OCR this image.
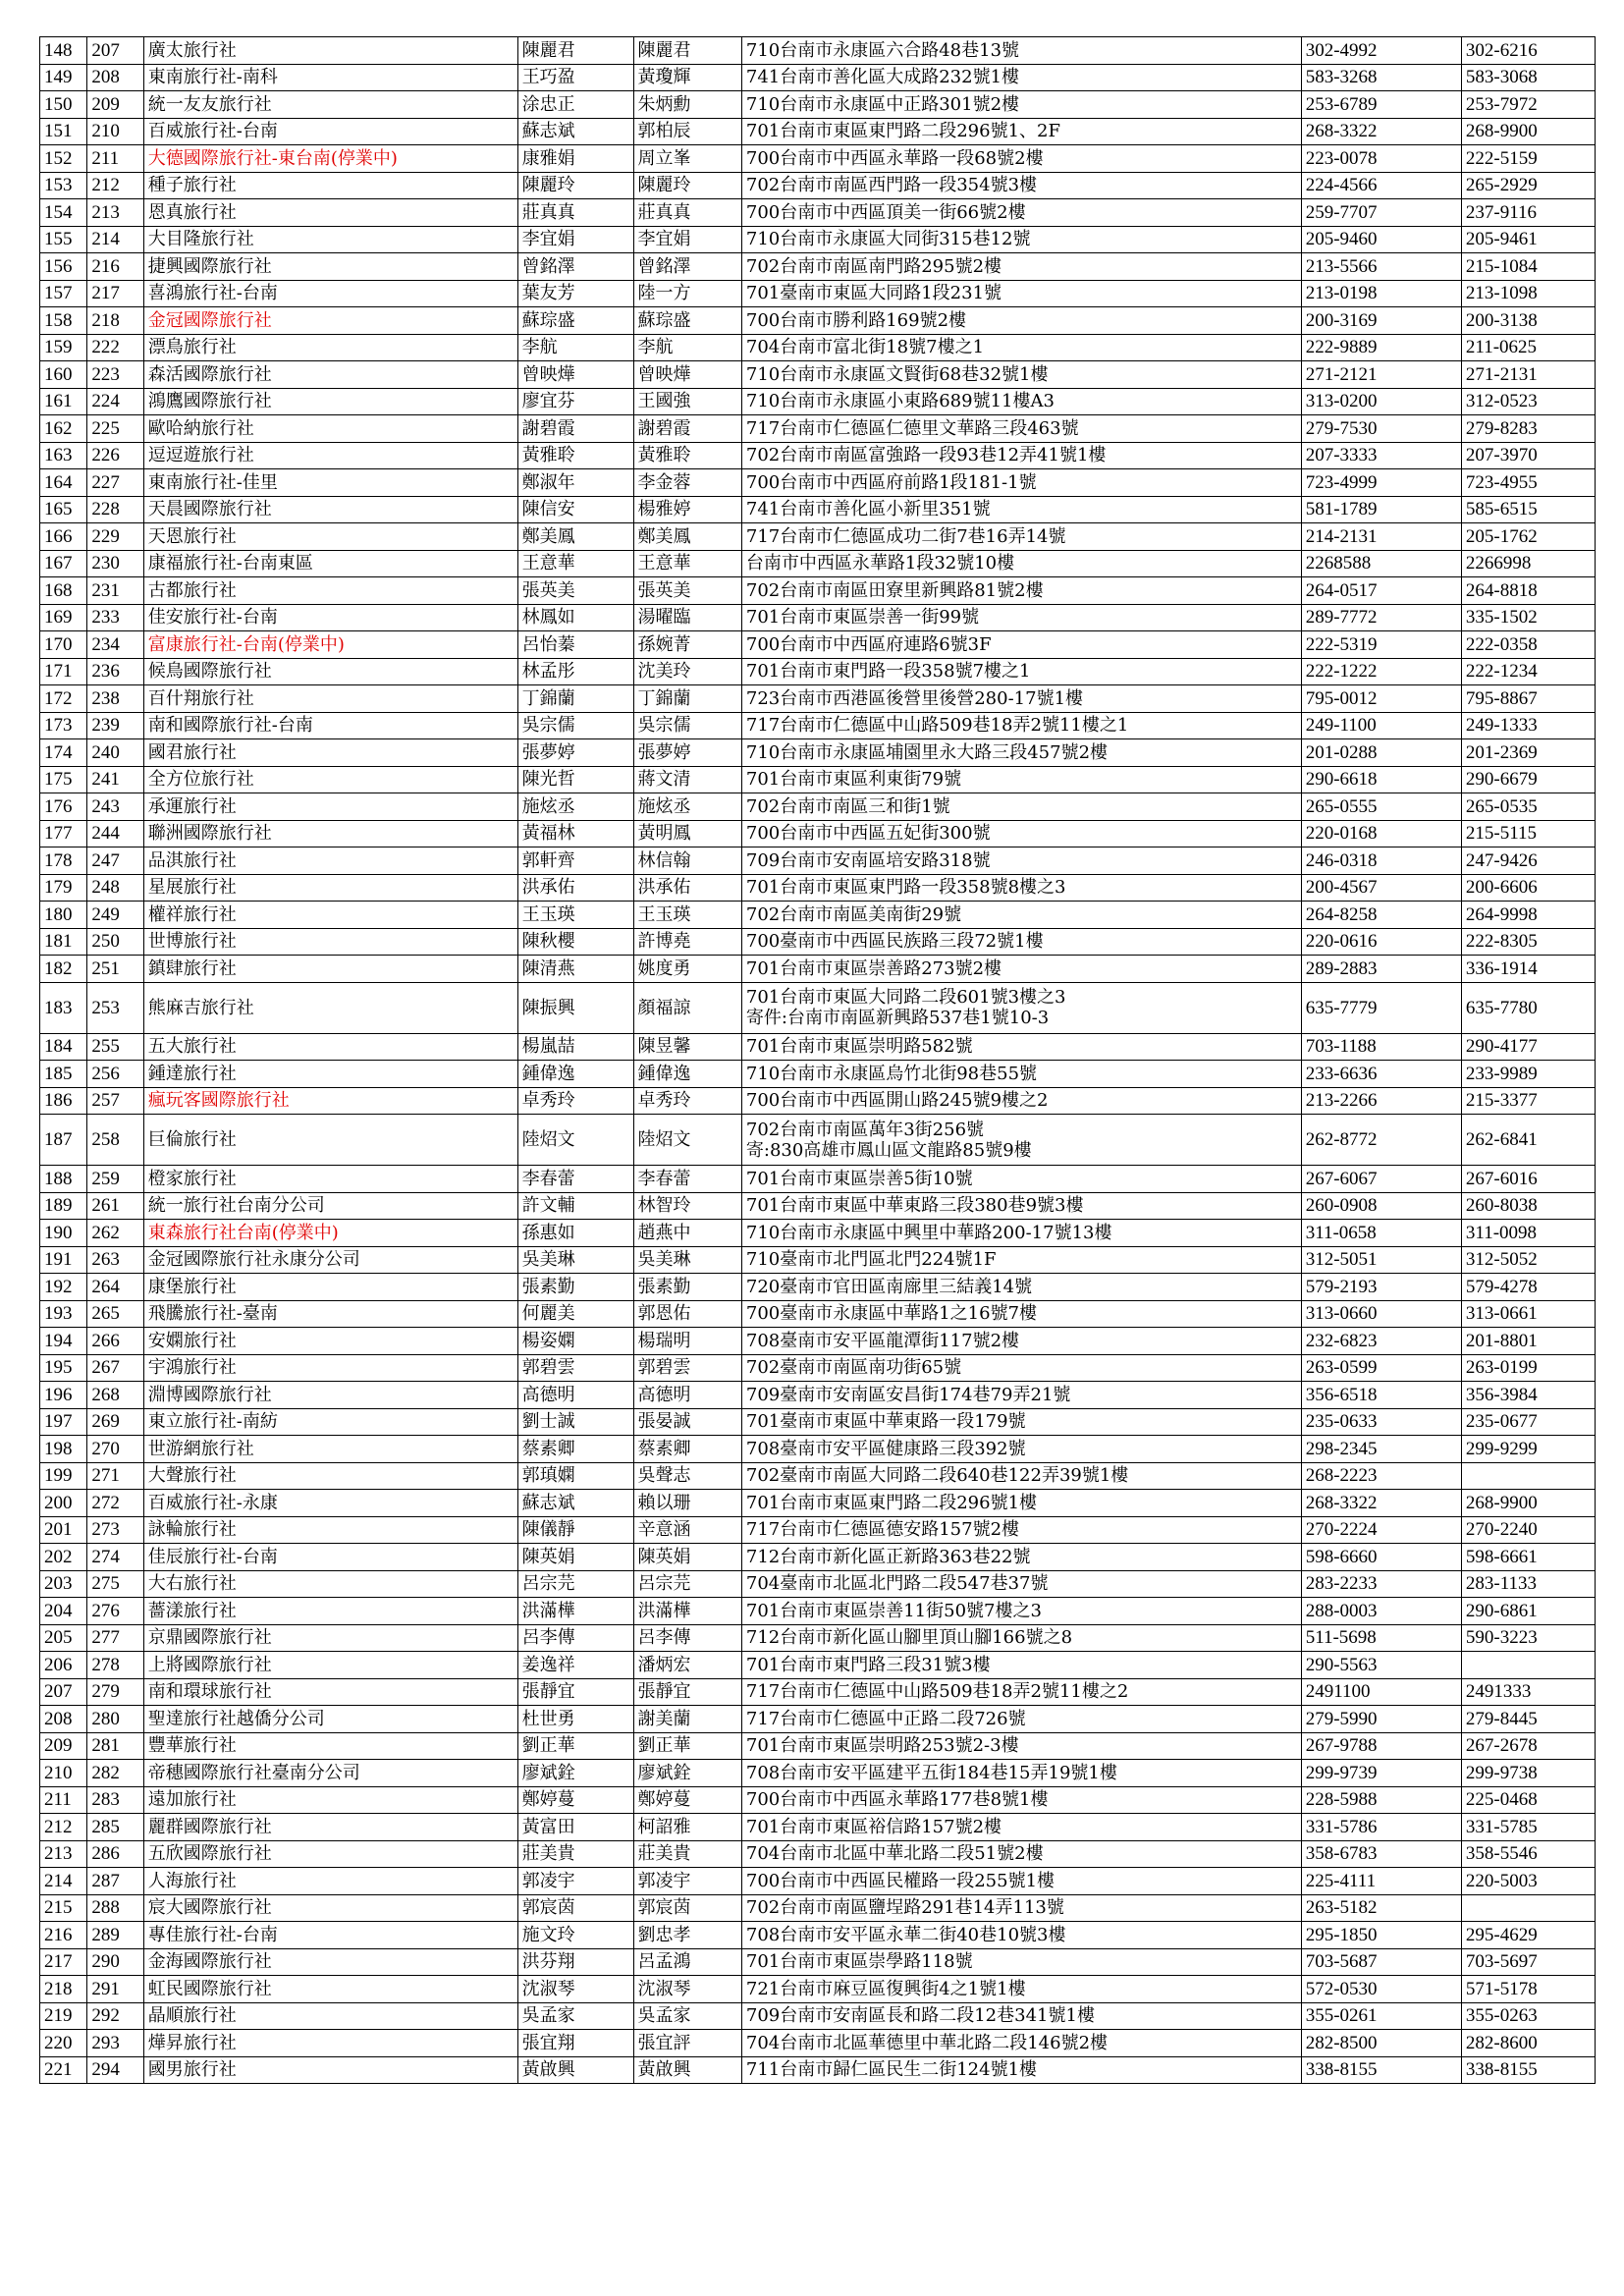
148	207	廣太旅行社	陳麗君	陳麗君	710台南市永康區六合路48巷13號	302-4992	302-6216
149	208	東南旅行社-南科	王巧盈	黃瓊輝	741台南市善化區大成路232號1樓	583-3268	583-3068
150	209	統一友友旅行社	涂忠正	朱炳勳	710台南市永康區中正路301號2樓	253-6789	253-7972
151	210	百威旅行社-台南	蘇志斌	郭柏辰	701台南市東區東門路二段296號1、2F	268-3322	268-9900
152	211	大德國際旅行社-東台南(停業中)	康雅娟	周立峯	700台南市中西區永華路一段68號2樓	223-0078	222-5159
153	212	種子旅行社	陳麗玲	陳麗玲	702台南市南區西門路一段354號3樓	224-4566	265-2929
154	213	恩真旅行社	莊真真	莊真真	700台南市中西區頂美一街66號2樓	259-7707	237-9116
155	214	大目隆旅行社	李宜娟	李宜娟	710台南市永康區大同街315巷12號	205-9460	205-9461
156	216	捷興國際旅行社	曾銘澤	曾銘澤	702台南市南區南門路295號2樓	213-5566	215-1084
157	217	喜鴻旅行社-台南	葉友芳	陸一方	701臺南市東區大同路1段231號	213-0198	213-1098
158	218	金冠國際旅行社	蘇琮盛	蘇琮盛	700台南市勝利路169號2樓	200-3169	200-3138
159	222	漂鳥旅行社	李航	李航	704台南市富北街18號7樓之1	222-9889	211-0625
160	223	森活國際旅行社	曾映燁	曾映燁	710台南市永康區文賢街68巷32號1樓	271-2121	271-2131
161	224	鴻鷹國際旅行社	廖宜芬	王國強	710台南市永康區小東路689號11樓A3	313-0200	312-0523
162	225	歐哈納旅行社	謝碧霞	謝碧霞	717台南市仁德區仁德里文華路三段463號	279-7530	279-8283
163	226	逗逗遊旅行社	黃雅聆	黃雅聆	702台南市南區富強路一段93巷12弄41號1樓	207-3333	207-3970
164	227	東南旅行社-佳里	鄭淑年	李金蓉	700台南市中西區府前路1段181-1號	723-4999	723-4955
165	228	天晨國際旅行社	陳信安	楊雅婷	741台南市善化區小新里351號	581-1789	585-6515
166	229	天恩旅行社	鄭美鳳	鄭美鳳	717台南市仁德區成功二街7巷16弄14號	214-2131	205-1762
167	230	康福旅行社-台南東區	王意華	王意華	台南市中西區永華路1段32號10樓	2268588	2266998
168	231	古都旅行社	張英美	張英美	702台南市南區田寮里新興路81號2樓	264-0517	264-8818
169	233	佳安旅行社-台南	林鳳如	湯曜臨	701台南市東區崇善一街99號	289-7772	335-1502
170	234	富康旅行社-台南(停業中)	呂怡蓁	孫婉菁	700台南市中西區府連路6號3F	222-5319	222-0358
171	236	候鳥國際旅行社	林孟彤	沈美玲	701台南市東門路一段358號7樓之1	222-1222	222-1234
172	238	百什翔旅行社	丁錦蘭	丁錦蘭	723台南市西港區後營里後營280-17號1樓	795-0012	795-8867
173	239	南和國際旅行社-台南	吳宗儒	吳宗儒	717台南市仁德區中山路509巷18弄2號11樓之1	249-1100	249-1333
174	240	國君旅行社	張夢婷	張夢婷	710台南市永康區埔園里永大路三段457號2樓	201-0288	201-2369
175	241	全方位旅行社	陳光哲	蔣文清	701台南市東區利東街79號	290-6618	290-6679
176	243	承運旅行社	施炫丞	施炫丞	702台南市南區三和街1號	265-0555	265-0535
177	244	聯洲國際旅行社	黃福林	黃明鳳	700台南市中西區五妃街300號	220-0168	215-5115
178	247	品淇旅行社	郭軒齊	林信翰	709台南市安南區培安路318號	246-0318	247-9426
179	248	星展旅行社	洪承佑	洪承佑	701台南市東區東門路一段358號8樓之3	200-4567	200-6606
180	249	權祥旅行社	王玉瑛	王玉瑛	702台南市南區美南街29號	264-8258	264-9998
181	250	世博旅行社	陳秋櫻	許博堯	700臺南市中西區民族路三段72號1樓	220-0616	222-8305
182	251	鎮肆旅行社	陳清燕	姚度勇	701台南市東區崇善路273號2樓	289-2883	336-1914
183	253	熊麻吉旅行社	陳振興	顏福諒	701台南市東區大同路二段601號3樓之3
寄件:台南市南區新興路537巷1號10-3	635-7779	635-7780
184	255	五大旅行社	楊嵐喆	陳昱馨	701台南市東區崇明路582號	703-1188	290-4177
185	256	鍾達旅行社	鍾偉逸	鍾偉逸	710台南市永康區烏竹北街98巷55號	233-6636	233-9989
186	257	瘋玩客國際旅行社	卓秀玲	卓秀玲	700台南市中西區開山路245號9樓之2	213-2266	215-3377
187	258	巨倫旅行社	陸炤文	陸炤文	702台南市南區萬年3街256號
寄:830高雄市鳳山區文龍路85號9樓	262-8772	262-6841
188	259	橙家旅行社	李春蕾	李春蕾	701台南市東區崇善5街10號	267-6067	267-6016
189	261	統一旅行社台南分公司	許文輔	林智玲	701台南市東區中華東路三段380巷9號3樓	260-0908	260-8038
190	262	東森旅行社台南(停業中)	孫惠如	趙燕中	710台南市永康區中興里中華路200-17號13樓	311-0658	311-0098
191	263	金冠國際旅行社永康分公司	吳美琳	吳美琳	710臺南市北門區北門224號1F	312-5051	312-5052
192	264	康堡旅行社	張素勤	張素勤	720臺南市官田區南廍里三結義14號	579-2193	579-4278
193	265	飛騰旅行社-臺南	何麗美	郭恩佑	700臺南市永康區中華路1之16號7樓	313-0660	313-0661
194	266	安嫻旅行社	楊姿嫻	楊瑞明	708臺南市安平區龍潭街117號2樓	232-6823	201-8801
195	267	宇鴻旅行社	郭碧雲	郭碧雲	702臺南市南區南功街65號	263-0599	263-0199
196	268	淵博國際旅行社	高德明	高德明	709臺南市安南區安昌街174巷79弄21號	356-6518	356-3984
197	269	東立旅行社-南紡	劉士誠	張晏誠	701臺南市東區中華東路一段179號	235-0633	235-0677
198	270	世游網旅行社	蔡素卿	蔡素卿	708臺南市安平區健康路三段392號	298-2345	299-9299
199	271	大聲旅行社	郭瑱嫻	吳聲志	702臺南市南區大同路二段640巷122弄39號1樓	268-2223	
200	272	百威旅行社-永康	蘇志斌	賴以珊	701台南市東區東門路二段296號1樓	268-3322	268-9900
201	273	詠輪旅行社	陳儀靜	辛意涵	717台南市仁德區德安路157號2樓	270-2224	270-2240
202	274	佳辰旅行社-台南	陳英娟	陳英娟	712台南市新化區正新路363巷22號	598-6660	598-6661
203	275	大右旅行社	呂宗芫	呂宗芫	704臺南市北區北門路二段547巷37號	283-2233	283-1133
204	276	薔漾旅行社	洪滿樺	洪滿樺	701台南市東區崇善11街50號7樓之3	288-0003	290-6861
205	277	京鼎國際旅行社	呂李傳	呂李傳	712台南市新化區山腳里頂山腳166號之8	511-5698	590-3223
206	278	上將國際旅行社	姜逸祥	潘炳宏	701台南市東門路三段31號3樓	290-5563	
207	279	南和環球旅行社	張靜宜	張靜宜	717台南市仁德區中山路509巷18弄2號11樓之2	2491100	2491333
208	280	聖達旅行社越僑分公司	杜世勇	謝美蘭	717台南市仁德區中正路二段726號	279-5990	279-8445
209	281	豐華旅行社	劉正華	劉正華	701台南市東區崇明路253號2-3樓	267-9788	267-2678
210	282	帝穗國際旅行社臺南分公司	廖斌銓	廖斌銓	708台南市安平區建平五街184巷15弄19號1樓	299-9739	299-9738
211	283	遠加旅行社	鄭婷蔓	鄭婷蔓	700台南市中西區永華路177巷8號1樓	228-5988	225-0468
212	285	麗群國際旅行社	黃富田	柯詔雅	701台南市東區裕信路157號2樓	331-5786	331-5785
213	286	五欣國際旅行社	莊美貴	莊美貴	704台南市北區中華北路二段51號2樓	358-6783	358-5546
214	287	人海旅行社	郭凌宇	郭凌宇	700台南市中西區民權路一段255號1樓	225-4111	220-5003
215	288	宸大國際旅行社	郭宸茵	郭宸茵	702台南市南區鹽埕路291巷14弄113號	263-5182	
216	289	專佳旅行社-台南	施文玲	劉忠孝	708台南市安平區永華二街40巷10號3樓	295-1850	295-4629
217	290	金海國際旅行社	洪芬翔	呂孟鴻	701台南市東區崇學路118號	703-5687	703-5697
218	291	虹民國際旅行社	沈淑琴	沈淑琴	721台南市麻豆區復興街4之1號1樓	572-0530	571-5178
219	292	晶順旅行社	吳孟家	吳孟家	709台南市安南區長和路二段12巷341號1樓	355-0261	355-0263
220	293	燁昇旅行社	張宜翔	張宜評	704台南市北區華德里中華北路二段146號2樓	282-8500	282-8600
221	294	國男旅行社	黃啟興	黃啟興	711台南市歸仁區民生二街124號1樓	338-8155	338-8155
